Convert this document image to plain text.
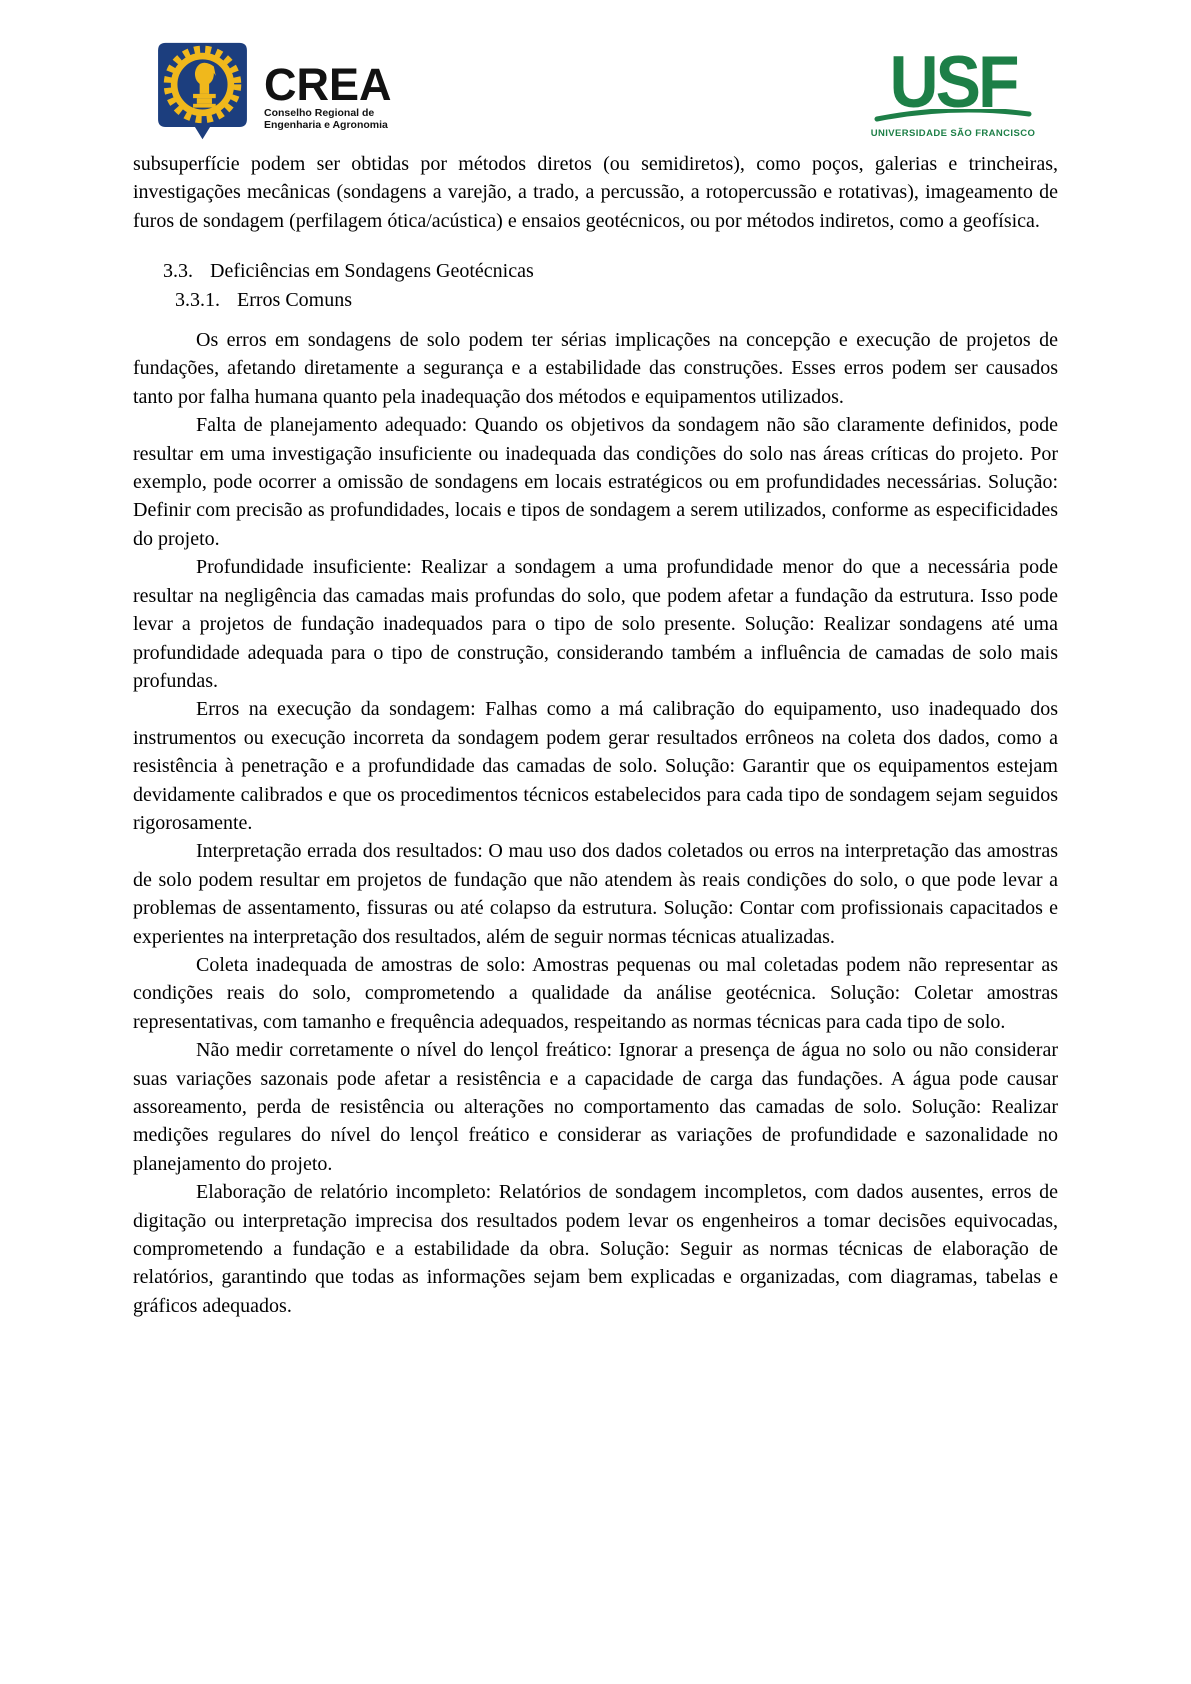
CREA
Conselho Regional de
Engenharia e Agronomia
USF
UNIVERSIDADE SÃO FRANCISCO

subsuperfície podem ser obtidas por métodos diretos (ou semidiretos), como poços, galerias e trincheiras, investigações mecânicas (sondagens a varejão, a trado, a percussão, a rotopercussão e rotativas), imageamento de furos de sondagem (perfilagem ótica/acústica) e ensaios geotécnicos, ou por métodos indiretos, como a geofísica.

3.3. Deficiências em Sondagens Geotécnicas
3.3.1. Erros Comuns

Os erros em sondagens de solo podem ter sérias implicações na concepção e execução de projetos de fundações, afetando diretamente a segurança e a estabilidade das construções. Esses erros podem ser causados tanto por falha humana quanto pela inadequação dos métodos e equipamentos utilizados.

Falta de planejamento adequado: Quando os objetivos da sondagem não são claramente definidos, pode resultar em uma investigação insuficiente ou inadequada das condições do solo nas áreas críticas do projeto. Por exemplo, pode ocorrer a omissão de sondagens em locais estratégicos ou em profundidades necessárias. Solução: Definir com precisão as profundidades, locais e tipos de sondagem a serem utilizados, conforme as especificidades do projeto.

Profundidade insuficiente: Realizar a sondagem a uma profundidade menor do que a necessária pode resultar na negligência das camadas mais profundas do solo, que podem afetar a fundação da estrutura. Isso pode levar a projetos de fundação inadequados para o tipo de solo presente. Solução: Realizar sondagens até uma profundidade adequada para o tipo de construção, considerando também a influência de camadas de solo mais profundas.

Erros na execução da sondagem: Falhas como a má calibração do equipamento, uso inadequado dos instrumentos ou execução incorreta da sondagem podem gerar resultados errôneos na coleta dos dados, como a resistência à penetração e a profundidade das camadas de solo. Solução: Garantir que os equipamentos estejam devidamente calibrados e que os procedimentos técnicos estabelecidos para cada tipo de sondagem sejam seguidos rigorosamente.

Interpretação errada dos resultados: O mau uso dos dados coletados ou erros na interpretação das amostras de solo podem resultar em projetos de fundação que não atendem às reais condições do solo, o que pode levar a problemas de assentamento, fissuras ou até colapso da estrutura. Solução: Contar com profissionais capacitados e experientes na interpretação dos resultados, além de seguir normas técnicas atualizadas.

Coleta inadequada de amostras de solo: Amostras pequenas ou mal coletadas podem não representar as condições reais do solo, comprometendo a qualidade da análise geotécnica. Solução: Coletar amostras representativas, com tamanho e frequência adequados, respeitando as normas técnicas para cada tipo de solo.

Não medir corretamente o nível do lençol freático: Ignorar a presença de água no solo ou não considerar suas variações sazonais pode afetar a resistência e a capacidade de carga das fundações. A água pode causar assoreamento, perda de resistência ou alterações no comportamento das camadas de solo. Solução: Realizar medições regulares do nível do lençol freático e considerar as variações de profundidade e sazonalidade no planejamento do projeto.

Elaboração de relatório incompleto: Relatórios de sondagem incompletos, com dados ausentes, erros de digitação ou interpretação imprecisa dos resultados podem levar os engenheiros a tomar decisões equivocadas, comprometendo a fundação e a estabilidade da obra. Solução: Seguir as normas técnicas de elaboração de relatórios, garantindo que todas as informações sejam bem explicadas e organizadas, com diagramas, tabelas e gráficos adequados.
